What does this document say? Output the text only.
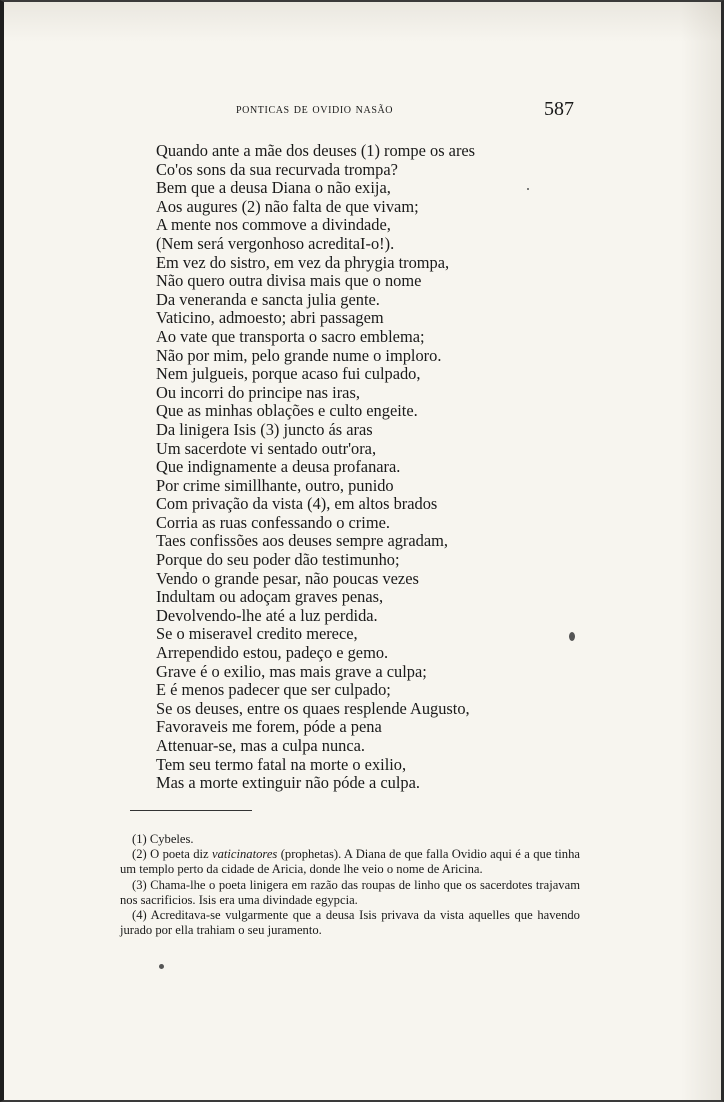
ponticas de ovidio nasão	587
Quando ante a mãe dos deuses (1) rompe os ares
Co'os sons da sua recurvada trompa?
Bem que a deusa Diana o não exija,
Aos augures (2) não falta de que vivam;
A mente nos commove a divindade,
(Nem será vergonhoso acreditaI-o!).
Em vez do sistro, em vez da phrygia trompa,
Não quero outra divisa mais que o nome
Da veneranda e sancta julia gente.
Vaticino, admoesto; abri passagem
Ao vate que transporta o sacro emblema;
Não por mim, pelo grande nume o imploro.
Nem julgueis, porque acaso fui culpado,
Ou incorri do principe nas iras,
Que as minhas oblações e culto engeite.
Da linigera Isis (3) juncto ás aras
Um sacerdote vi sentado outr'ora,
Que indignamente a deusa profanara.
Por crime simillhante, outro, punido
Com privação da vista (4), em altos brados
Corria as ruas confessando o crime.
Taes confissões aos deuses sempre agradam,
Porque do seu poder dão testimunho;
Vendo o grande pesar, não poucas vezes
Indultam ou adoçam graves penas,
Devolvendo-lhe até a luz perdida.
Se o miseravel credito merece,
Arrependido estou, padeço e gemo.
Grave é o exilio, mas mais grave a culpa;
E é menos padecer que ser culpado;
Se os deuses, entre os quaes resplende Augusto,
Favoraveis me forem, póde a pena
Attenuar-se, mas a culpa nunca.
Tem seu termo fatal na morte o exilio,
Mas a morte extinguir não póde a culpa.
(1) Cybeles.
(2) O poeta diz vaticinatores (prophetas). A Diana de que falla Ovidio aqui é a que tinha um templo perto da cidade de Aricia, donde lhe veio o nome de Aricina.
(3) Chama-lhe o poeta linigera em razão das roupas de linho que os sacerdotes trajavam nos sacrificios. Isis era uma divindade egypcia.
(4) Acreditava-se vulgarmente que a deusa Isis privava da vista aquelles que havendo jurado por ella trahiam o seu juramento.
